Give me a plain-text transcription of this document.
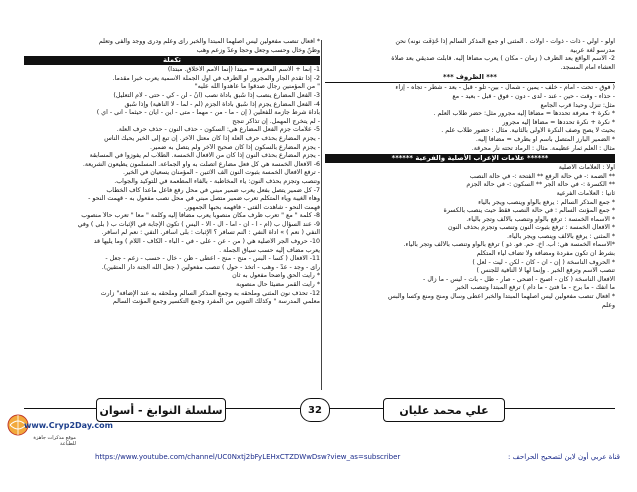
أولو - أولي - ذات - ذوات - أولات . المثنى أو جمع المذكر السالم إذا حُذِفَت نونه) نحن
مدرسو لغة عربية
2- الاسم الواقع بعد الظرف ( زمان - مكان ) يعرب مضافاً إليه. قابلت صديقي بعد صلاة
العشاء أمام المسجد.
*** الظروف ***
( فوق - تحت - أمام - خلف - يمين - شمال - بين- تلو - قبل - بعد - شطر - تجاه - إزاء
- حذاء - وقت - حين - عند - لدى - دون - فوق - قبل - بعيد - مع
مثل: تنزل وحيداً قرب الجامع
* نكرة + معرفة تحددها = مضافاً إليه مجرور مثل: حضر طلاب العلم .
* نكرة + نكرة تحددها = مضافاً إليه مجرور
بحيث لا يصح وصف النكرة الأولى بالثانية. مثال : حضور طلاب علم .
* الضمير البارز المتصل باسم أو بظرف = مضافاً إليه.
مثال : العلم ثمار عظيمة. مثال : الرماد تحته نار محرقة.
****** علامات الإعراب الأصلية والفرعية ******
أولاً : العلامات الأصلية
** الضمة :- في حالة الرفع ** الفتحة :- في حالة النصب
** الكسرة :- في حالة الجر ** السكون :- في حالة الجزم
ثانياً : العلامات الفرعية
* جمع المذكر السالم : يرفع بالواو وينصب ويجر بالياء
* جمع المؤنث السالم : في حالة النصب فقط حيث ينصب بالكسرة
* الأسماء الخمسة : ترفع بالواو وتنصب بالألف وتجر بالياء.
* الأفعال الخمسة : ترفع بثبوت النون وتنصب وتجزم بحذف النون
* المثنى : يرفع بالألف وينصب ويجر بالياء.
*الأسماء الخمسة هي: أب. أخ. حم. فو. ذو ) ترفع بالواو وتنصب بالألف وتجر بالياء.
بشرط أن تكون مفردة ومضافة ولا تضاف لياء المتكلم
* الحروف الناسخة ( إن - أن - كأن - لكن - ليت - لعل )
تنصب الاسم وترفع الخبر . وإنما لها لا النافية للجنس )
الأفعال الناسخة ( كان - أصبح - أضحى - صار - ظل - بات - ليس - ما زال -
ما انفك - ما برح - ما فتئ - ما دام ) ترفع المبتدأ وتنصب الخبر
* أفعال تنصب مفعولين ليس أصلهما المبتدأ والخبر أعطى وسأل ومنح ومنع وكسا وألبس
وعلّم
* أفعال تنصب مفعولين ليس أصلهما المبتدأ والخبر رأى وعلم ودرى ووجد وألفى وتعلّم
وظنّ وخال وحسب وجعل وحجا وعدّ وزعم وهب
تكملة
1- إنما + الاسم المعرفة = مبتدأ (إنما الأمم الأخلاق. مبتدأ)
2- إذا تقدم الجار والمجرور أو الظرف في أول الجملة الاسمية يعرب خبراً مقدماً.
" من المؤمنين رجال صدقوا ما عاهدوا الله عليه"
3- الفعل المضارع ينصب إذا سُبق بأداة نصب (أنْ - لن - كي - حتى - لام التعليل)
4- الفعل المضارع يجزم إذا سُبق بأداة الجزم (لم - لما - لا الناهية) وإذا سُبق
بأداة شرط جازمة للفعلين ( إن - ما - من - مهما - متى - أين - أيان - حيثما - أنى - أي )
- لم يتخرج المهمل. إن تذاكر تنجح
5- علامات جزم الفعل المضارع هي: السكون - حذف النون - حذف حرف العلة.
- يجزم المضارع بحذف حرف العلة إذا كان معتل الآخر. إن تبع إلى الخير يحبك الناس
- يجزم المضارع بالسكون إذا كان صحيح الآخر ولم يتصل به ضمير.
- يجزم المضارع بحذف النون إذا كان من الأفعال الخمسة. الطلاب لم يفوزوا في المسابقة
6- الأفعال الخمسة هي كل فعل مضارع اتصلت به واو الجماعة. المسلمون يطيعون الشريعة.
- ترفع الأفعال الخمسة بثبوت النون ألف الاثنين - المؤمنان يسعيان في الخير.
وتنصب وتجزم بحذف النون: ياء المخاطبة - بالفاء المطعمة في للتوكيد والجواب.
7- كل ضمير يتصل بفعل يعرب ضمير مبني في محل رفع فاعل ماعدا كاف الخطاب
وهاء الغيبة وياء المتكلم تعرب ضمير متصل مبني في محل نصب مفعول به - قهمت النحو -
فهمت النحو - شاهدت الفتى - فافهمه بحبها الجمهور.
8- كلمة " مع " تعرب ظرف مكان منصوباً يعرب مضافاً إليه وكلمة " معاً " تعرب حالاً منصوب
9- عند السؤال ب (أم - أ - أن - أما - أل - ألا - أليس ) تكون الإجابة في الإثبات ب ( بلى ) وفي
النفي ( نعم ) » أداة النفي : أتُنم تسافر ؟ الإثبات : بلى أسافر. النفي : نعم لم أسافر.
10- حروف الجر الأصلية هي ( من - عن - على - في - الباء - الكاف - اللام ) وما يليها قد
يعرب مضاف إليه حسب سياق الجملة .
11- الأفعال ( كسا - ألبس - منح - منح - أعطى - ظن - خال - حسب - زعم - جعل -
رأى - وجد - عدّ - وهب - اتخذ - حول ) تنصب مفعولين ( جعل الله الجنة دار المتقين).
* رأيت الحق واضحاً مفعول به ثان
* رأيت القمر مضيئاً حال منصوبة
12- تحذف نون المثنى وملحقه به وجمع المذكر السالم وملحقه به عند الإضافة" زارت
معلمي المدرسة " وكذلك التنوين من المفرد وجمع التكسير وجمع المؤنث السالم
علي محمد عليان
32
سلسلة النوابغ - أسوان
www.Cryp2Day.com
موقع مذكرات جاهزة للطباعة
https://www.youtube.com/channel/UC0Nxtj2bFyLEHxCTZDWwDsw?view_as=subscriber	قناة عربي أون لاين لتصحيح الحراحف :
